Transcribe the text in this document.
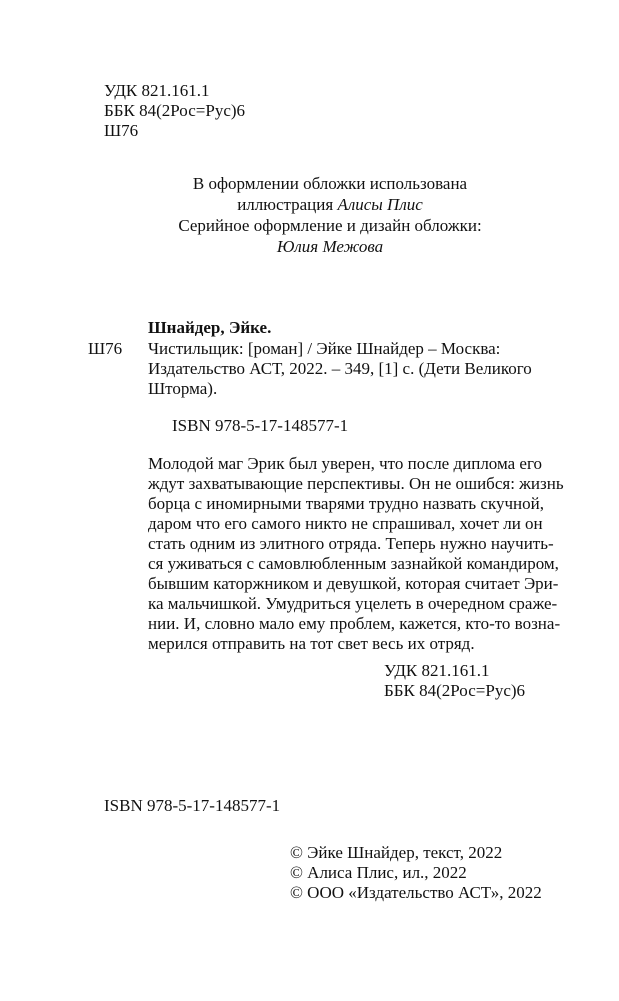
УДК 821.161.1
ББК 84(2Рос=Рус)6
Ш76
В оформлении обложки использована
иллюстрация Алисы Плис
Серийное оформление и дизайн обложки:
Юлия Межова
Шнайдер, Эйке.
Ш76 Чистильщик: [роман] / Эйке Шнайдер – Москва:
Издательство АСТ, 2022. – 349, [1] с. (Дети Великого
Шторма).
ISBN 978-5-17-148577-1
Молодой маг Эрик был уверен, что после диплома его
ждут захватывающие перспективы. Он не ошибся: жизнь
борца с иномирными тварями трудно назвать скучной,
даром что его самого никто не спрашивал, хочет ли он
стать одним из элитного отряда. Теперь нужно научить-
ся уживаться с самовлюбленным зазнайкой командиром,
бывшим каторжником и девушкой, которая считает Эри-
ка мальчишкой. Умудриться уцелеть в очередном сраже-
нии. И, словно мало ему проблем, кажется, кто-то возна-
мерился отправить на тот свет весь их отряд.
УДК 821.161.1
ББК 84(2Рос=Рус)6
ISBN 978-5-17-148577-1
© Эйке Шнайдер, текст, 2022
© Алиса Плис, ил., 2022
© ООО «Издательство АСТ», 2022
